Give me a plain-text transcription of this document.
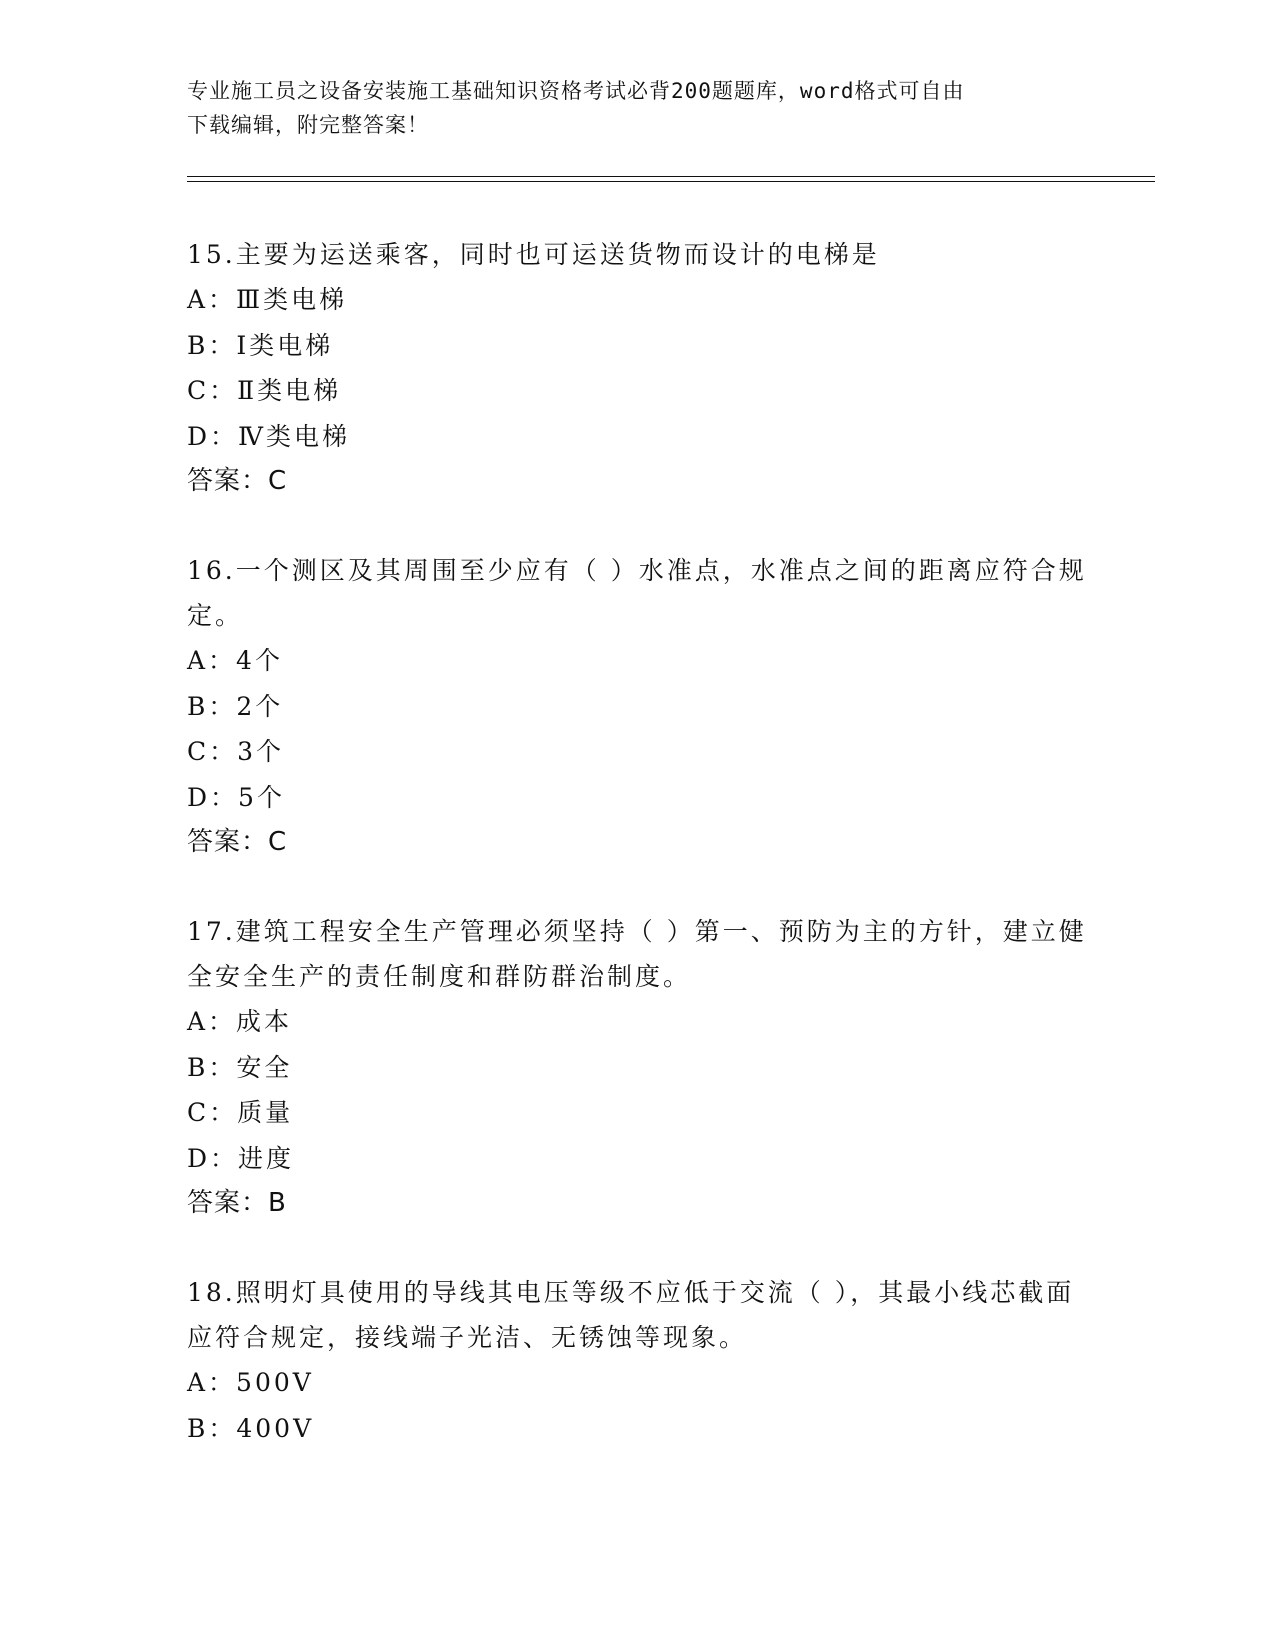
专业施工员之设备安装施工基础知识资格考试必背200题题库，word格式可自由
下载编辑，附完整答案！

15.主要为运送乘客，同时也可运送货物而设计的电梯是

A：Ⅲ类电梯

B：Ⅰ类电梯

C：Ⅱ类电梯

D：Ⅳ类电梯

答案：C

16.一个测区及其周围至少应有（ ）水准点，水准点之间的距离应符合规定。

A：4个

B：2个

C：3个

D：5个

答案：C

17.建筑工程安全生产管理必须坚持（ ）第一、预防为主的方针，建立健全安全生产的责任制度和群防群治制度。

A：成本

B：安全

C：质量

D：进度

答案：B

18.照明灯具使用的导线其电压等级不应低于交流（ ），其最小线芯截面应符合规定，接线端子光洁、无锈蚀等现象。

A：500V

B：400V
